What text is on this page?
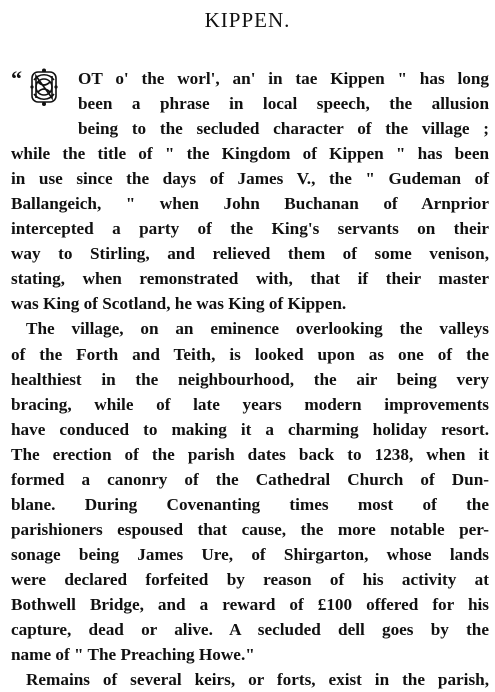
KIPPEN.
“	OT o' the worl', an' in tae Kippen " has long
been a phrase in local speech, the allusion
being to the secluded character of the village ;
while the title of " the Kingdom of Kippen " has been
in use since the days of James V., the " Gudeman of
Ballangeich, " when John Buchanan of Arnprior
intercepted a party of the King's servants on their
way to Stirling, and relieved them of some venison,
stating, when remonstrated with, that if their master
was King of Scotland, he was King of Kippen.
The village, on an eminence overlooking the valleys
of the Forth and Teith, is looked upon as one of the
healthiest in the neighbourhood, the air being very
bracing, while of late years modern improvements
have conduced to making it a charming holiday resort.
The erection of the parish dates back to 1238, when it
formed a canonry of the Cathedral Church of Dun-
blane. During Covenanting times most of the
parishioners espoused that cause, the more notable per-
sonage being James Ure, of Shirgarton, whose lands
were declared forfeited by reason of his activity at
Bothwell Bridge, and a reward of £100 offered for his
capture, dead or alive. A secluded dell goes by the
name of " The Preaching Howe."
Remains of several keirs, or forts, exist in the parish,
